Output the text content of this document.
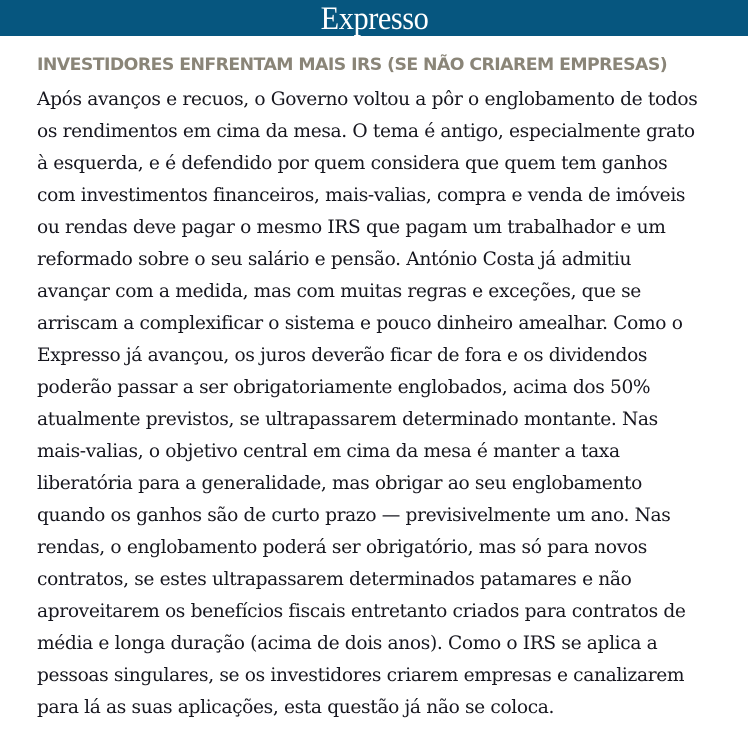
Expresso
INVESTIDORES ENFRENTAM MAIS IRS (SE NÃO CRIAREM EMPRESAS)
Após avanços e recuos, o Governo voltou a pôr o englobamento de todos
os rendimentos em cima da mesa. O tema é antigo, especialmente grato
à esquerda, e é defendido por quem considera que quem tem ganhos
com investimentos financeiros, mais-valias, compra e venda de imóveis
ou rendas deve pagar o mesmo IRS que pagam um trabalhador e um
reformado sobre o seu salário e pensão. António Costa já admitiu
avançar com a medida, mas com muitas regras e exceções, que se
arriscam a complexificar o sistema e pouco dinheiro amealhar. Como o
Expresso já avançou, os juros deverão ficar de fora e os dividendos
poderão passar a ser obrigatoriamente englobados, acima dos 50%
atualmente previstos, se ultrapassarem determinado montante. Nas
mais-valias, o objetivo central em cima da mesa é manter a taxa
liberatória para a generalidade, mas obrigar ao seu englobamento
quando os ganhos são de curto prazo — previsivelmente um ano. Nas
rendas, o englobamento poderá ser obrigatório, mas só para novos
contratos, se estes ultrapassarem determinados patamares e não
aproveitarem os benefícios fiscais entretanto criados para contratos de
média e longa duração (acima de dois anos). Como o IRS se aplica a
pessoas singulares, se os investidores criarem empresas e canalizarem
para lá as suas aplicações, esta questão já não se coloca.
